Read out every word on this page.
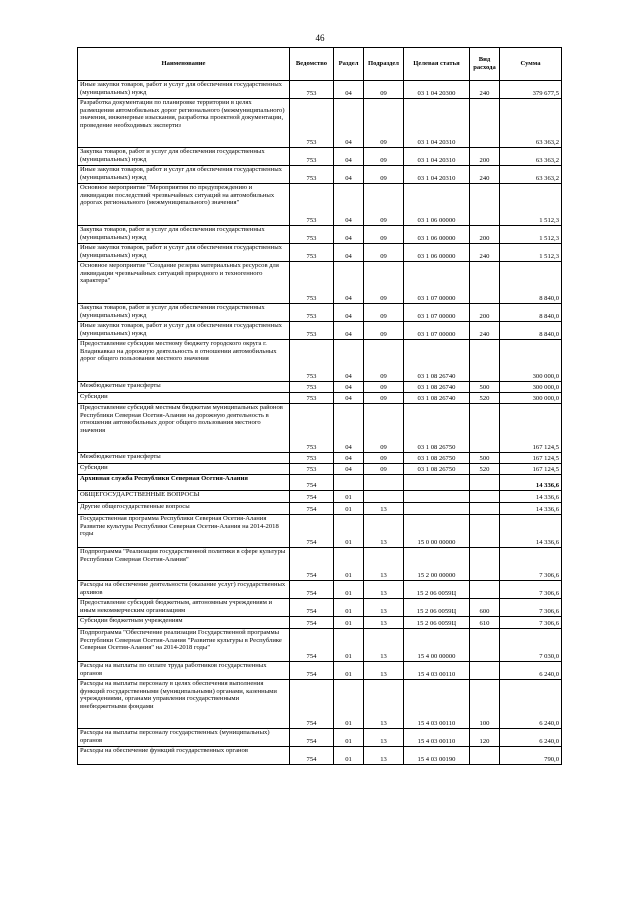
46
Наименование	Ведомство	Раздел	Подраздел	Целевая статья	Вид расхода	Сумма
Иные закупки товаров, работ и услуг для обеспечения государственных (муниципальных) нужд	753	04	09	03 1 04 20300	240	379 677,5
Разработка документации по планировке территории в целях размещения автомобильных дорог регионального (межмуниципального) значения, инженерные изыскания, разработка проектной документации, проведение необходимых экспертиз	753	04	09	03 1 04 20310		63 363,2
Закупка товаров, работ и услуг для обеспечения государственных (муниципальных) нужд	753	04	09	03 1 04 20310	200	63 363,2
Иные закупки товаров, работ и услуг для обеспечения государственных (муниципальных) нужд	753	04	09	03 1 04 20310	240	63 363,2
Основное мероприятие "Мероприятия по предупреждению и ликвидации последствий чрезвычайных ситуаций на автомобильных дорогах регионального (межмуниципального) значения"	753	04	09	03 1 06 00000		1 512,3
Закупка товаров, работ и услуг для обеспечения государственных (муниципальных) нужд	753	04	09	03 1 06 00000	200	1 512,3
Иные закупки товаров, работ и услуг для обеспечения государственных (муниципальных) нужд	753	04	09	03 1 06 00000	240	1 512,3
Основное мероприятие "Создание резерва материальных ресурсов для ликвидации чрезвычайных ситуаций природного и техногенного характера"	753	04	09	03 1 07 00000		8 840,0
Закупка товаров, работ и услуг для обеспечения государственных (муниципальных) нужд	753	04	09	03 1 07 00000	200	8 840,0
Иные закупки товаров, работ и услуг для обеспечения государственных (муниципальных) нужд	753	04	09	03 1 07 00000	240	8 840,0
Предоставление субсидии местному бюджету городского округа г. Владикавказ на дорожную деятельность в отношении автомобильных дорог общего пользования местного значения	753	04	09	03 1 08 26740		300 000,0
Межбюджетные трансферты	753	04	09	03 1 08 26740	500	300 000,0
Субсидии	753	04	09	03 1 08 26740	520	300 000,0
Предоставление субсидий местным бюджетам муниципальных районов Республики Северная Осетия-Алания на дорожную деятельность в отношении автомобильных дорог общего пользования местного значения	753	04	09	03 1 08 26750		167 124,5
Межбюджетные трансферты	753	04	09	03 1 08 26750	500	167 124,5
Субсидии	753	04	09	03 1 08 26750	520	167 124,5
Архивная служба Республики Северная Осетия-Алания	754					14 336,6
ОБЩЕГОСУДАРСТВЕННЫЕ ВОПРОСЫ	754	01				14 336,6
Другие общегосударственные вопросы	754	01	13			14 336,6
Государственная программа Республики Северная Осетия-Алания Развитие культуры Республики Северная Осетия-Алания на 2014-2018 годы	754	01	13	15 0 00 00000		14 336,6
Подпрограмма "Реализация государственной политики в сфере культуры Республики Северная Осетия-Алания"	754	01	13	15 2 00 00000		7 306,6
Расходы на обеспечение деятельности (оказание услуг) государственных архивов	754	01	13	15 2 06 0059Ц		7 306,6
Предоставление субсидий бюджетным, автономным учреждениям и иным некоммерческим организациям	754	01	13	15 2 06 0059Ц	600	7 306,6
Субсидии бюджетным учреждениям	754	01	13	15 2 06 0059Ц	610	7 306,6
Подпрограмма "Обеспечение реализации Государственной программы Республики Северная Осетия-Алания "Развитие культуры в Республике Северная Осетия-Алания" на 2014-2018 годы"	754	01	13	15 4 00 00000		7 030,0
Расходы на выплаты по оплате труда работников государственных органов	754	01	13	15 4 03 00110		6 240,0
Расходы на выплаты персоналу в целях обеспечения выполнения функций государственными (муниципальными) органами, казенными учреждениями, органами управления государственными внебюджетными фондами	754	01	13	15 4 03 00110	100	6 240,0
Расходы на выплаты персоналу государственных (муниципальных) органов	754	01	13	15 4 03 00110	120	6 240,0
Расходы на обеспечение функций государственных органов	754	01	13	15 4 03 00190		790,0
